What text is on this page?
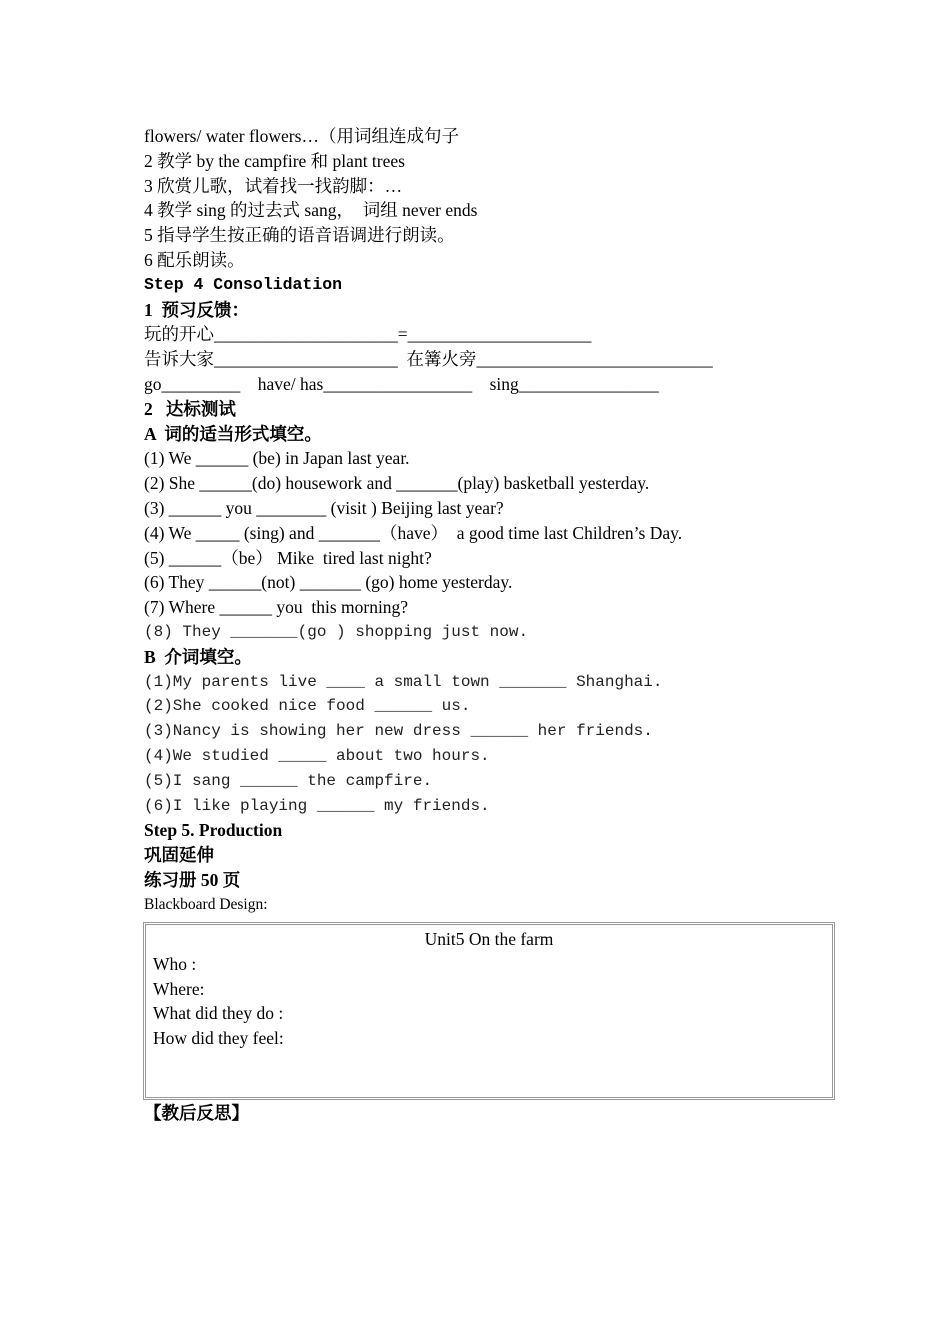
flowers/ water flowers…（用词组连成句子
2 教学 by the campfire 和 plant trees
3 欣赏儿歌，试着找一找韵脚：…
4 教学 sing 的过去式 sang，  词组 never ends
5 指导学生按正确的语音语调进行朗读。
6 配乐朗读。
Step 4 Consolidation
1  预习反馈：
玩的开心_____________________=_____________________
告诉大家_____________________  在篝火旁___________________________
go_________    have/ has_________________    sing________________
2   达标测试
A  词的适当形式填空。
(1) We ______ (be) in Japan last year.
(2) She ______(do) housework and _______(play) basketball yesterday.
(3) ______ you ________ (visit ) Beijing last year?
(4) We _____ (sing) and _______（have）  a good time last Children’s Day.
(5) ______（be） Mike  tired last night?
(6) They ______(not) _______ (go) home yesterday.
(7) Where ______ you  this morning?
(8) They _______(go ) shopping just now.
B  介词填空。
(1)My parents live ____ a small town _______ Shanghai.
(2)She cooked nice food ______ us.
(3)Nancy is showing her new dress ______ her friends.
(4)We studied _____ about two hours.
(5)I sang ______ the campfire.
(6)I like playing ______ my friends.
Step 5. Production
巩固延伸
练习册 50 页
Blackboard Design:
Unit5 On the farm
Who :
Where:
What did they do :
How did they feel:
【教后反思】
